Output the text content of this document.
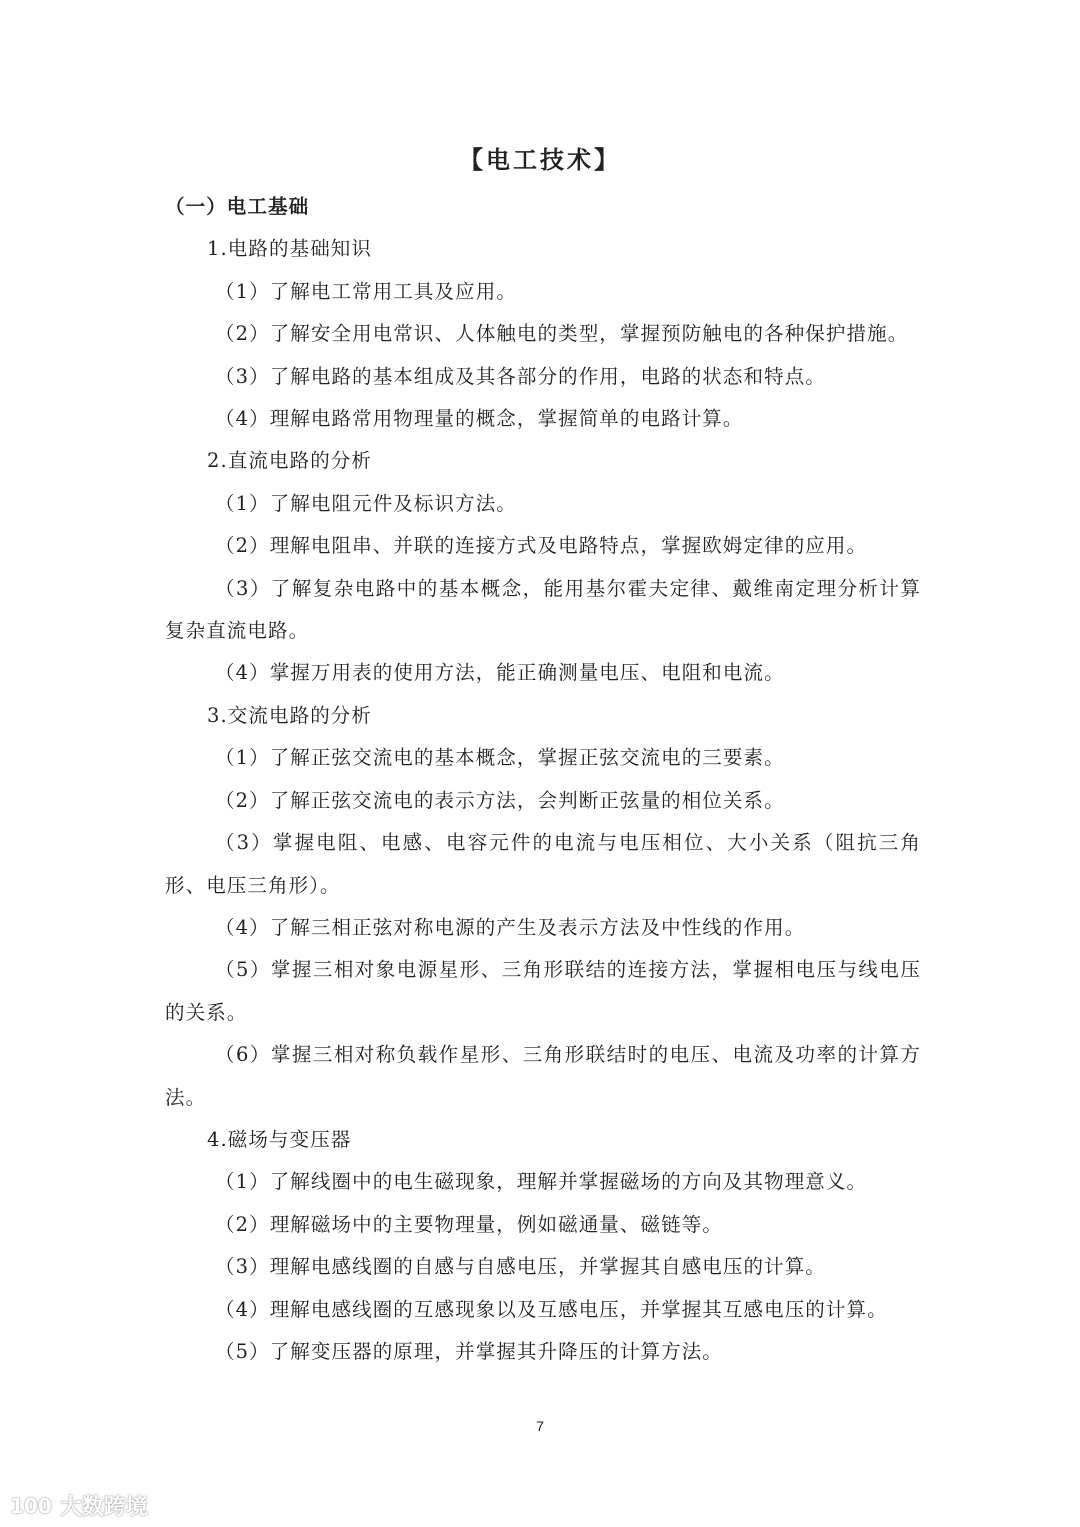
【电工技术】
（一）电工基础
1.电路的基础知识
（1）了解电工常用工具及应用。
（2）了解安全用电常识、人体触电的类型，掌握预防触电的各种保护措施。
（3）了解电路的基本组成及其各部分的作用，电路的状态和特点。
（4）理解电路常用物理量的概念，掌握简单的电路计算。
2.直流电路的分析
（1）了解电阻元件及标识方法。
（2）理解电阻串、并联的连接方式及电路特点，掌握欧姆定律的应用。
（3）了解复杂电路中的基本概念，能用基尔霍夫定律、戴维南定理分析计算复杂直流电路。
（4）掌握万用表的使用方法，能正确测量电压、电阻和电流。
3.交流电路的分析
（1）了解正弦交流电的基本概念，掌握正弦交流电的三要素。
（2）了解正弦交流电的表示方法，会判断正弦量的相位关系。
（3）掌握电阻、电感、电容元件的电流与电压相位、大小关系（阻抗三角形、电压三角形）。
（4）了解三相正弦对称电源的产生及表示方法及中性线的作用。
（5）掌握三相对象电源星形、三角形联结的连接方法，掌握相电压与线电压的关系。
（6）掌握三相对称负载作星形、三角形联结时的电压、电流及功率的计算方法。
4.磁场与变压器
（1）了解线圈中的电生磁现象，理解并掌握磁场的方向及其物理意义。
（2）理解磁场中的主要物理量，例如磁通量、磁链等。
（3）理解电感线圈的自感与自感电压，并掌握其自感电压的计算。
（4）理解电感线圈的互感现象以及互感电压，并掌握其互感电压的计算。
（5）了解变压器的原理，并掌握其升降压的计算方法。
7
100 大数跨境
